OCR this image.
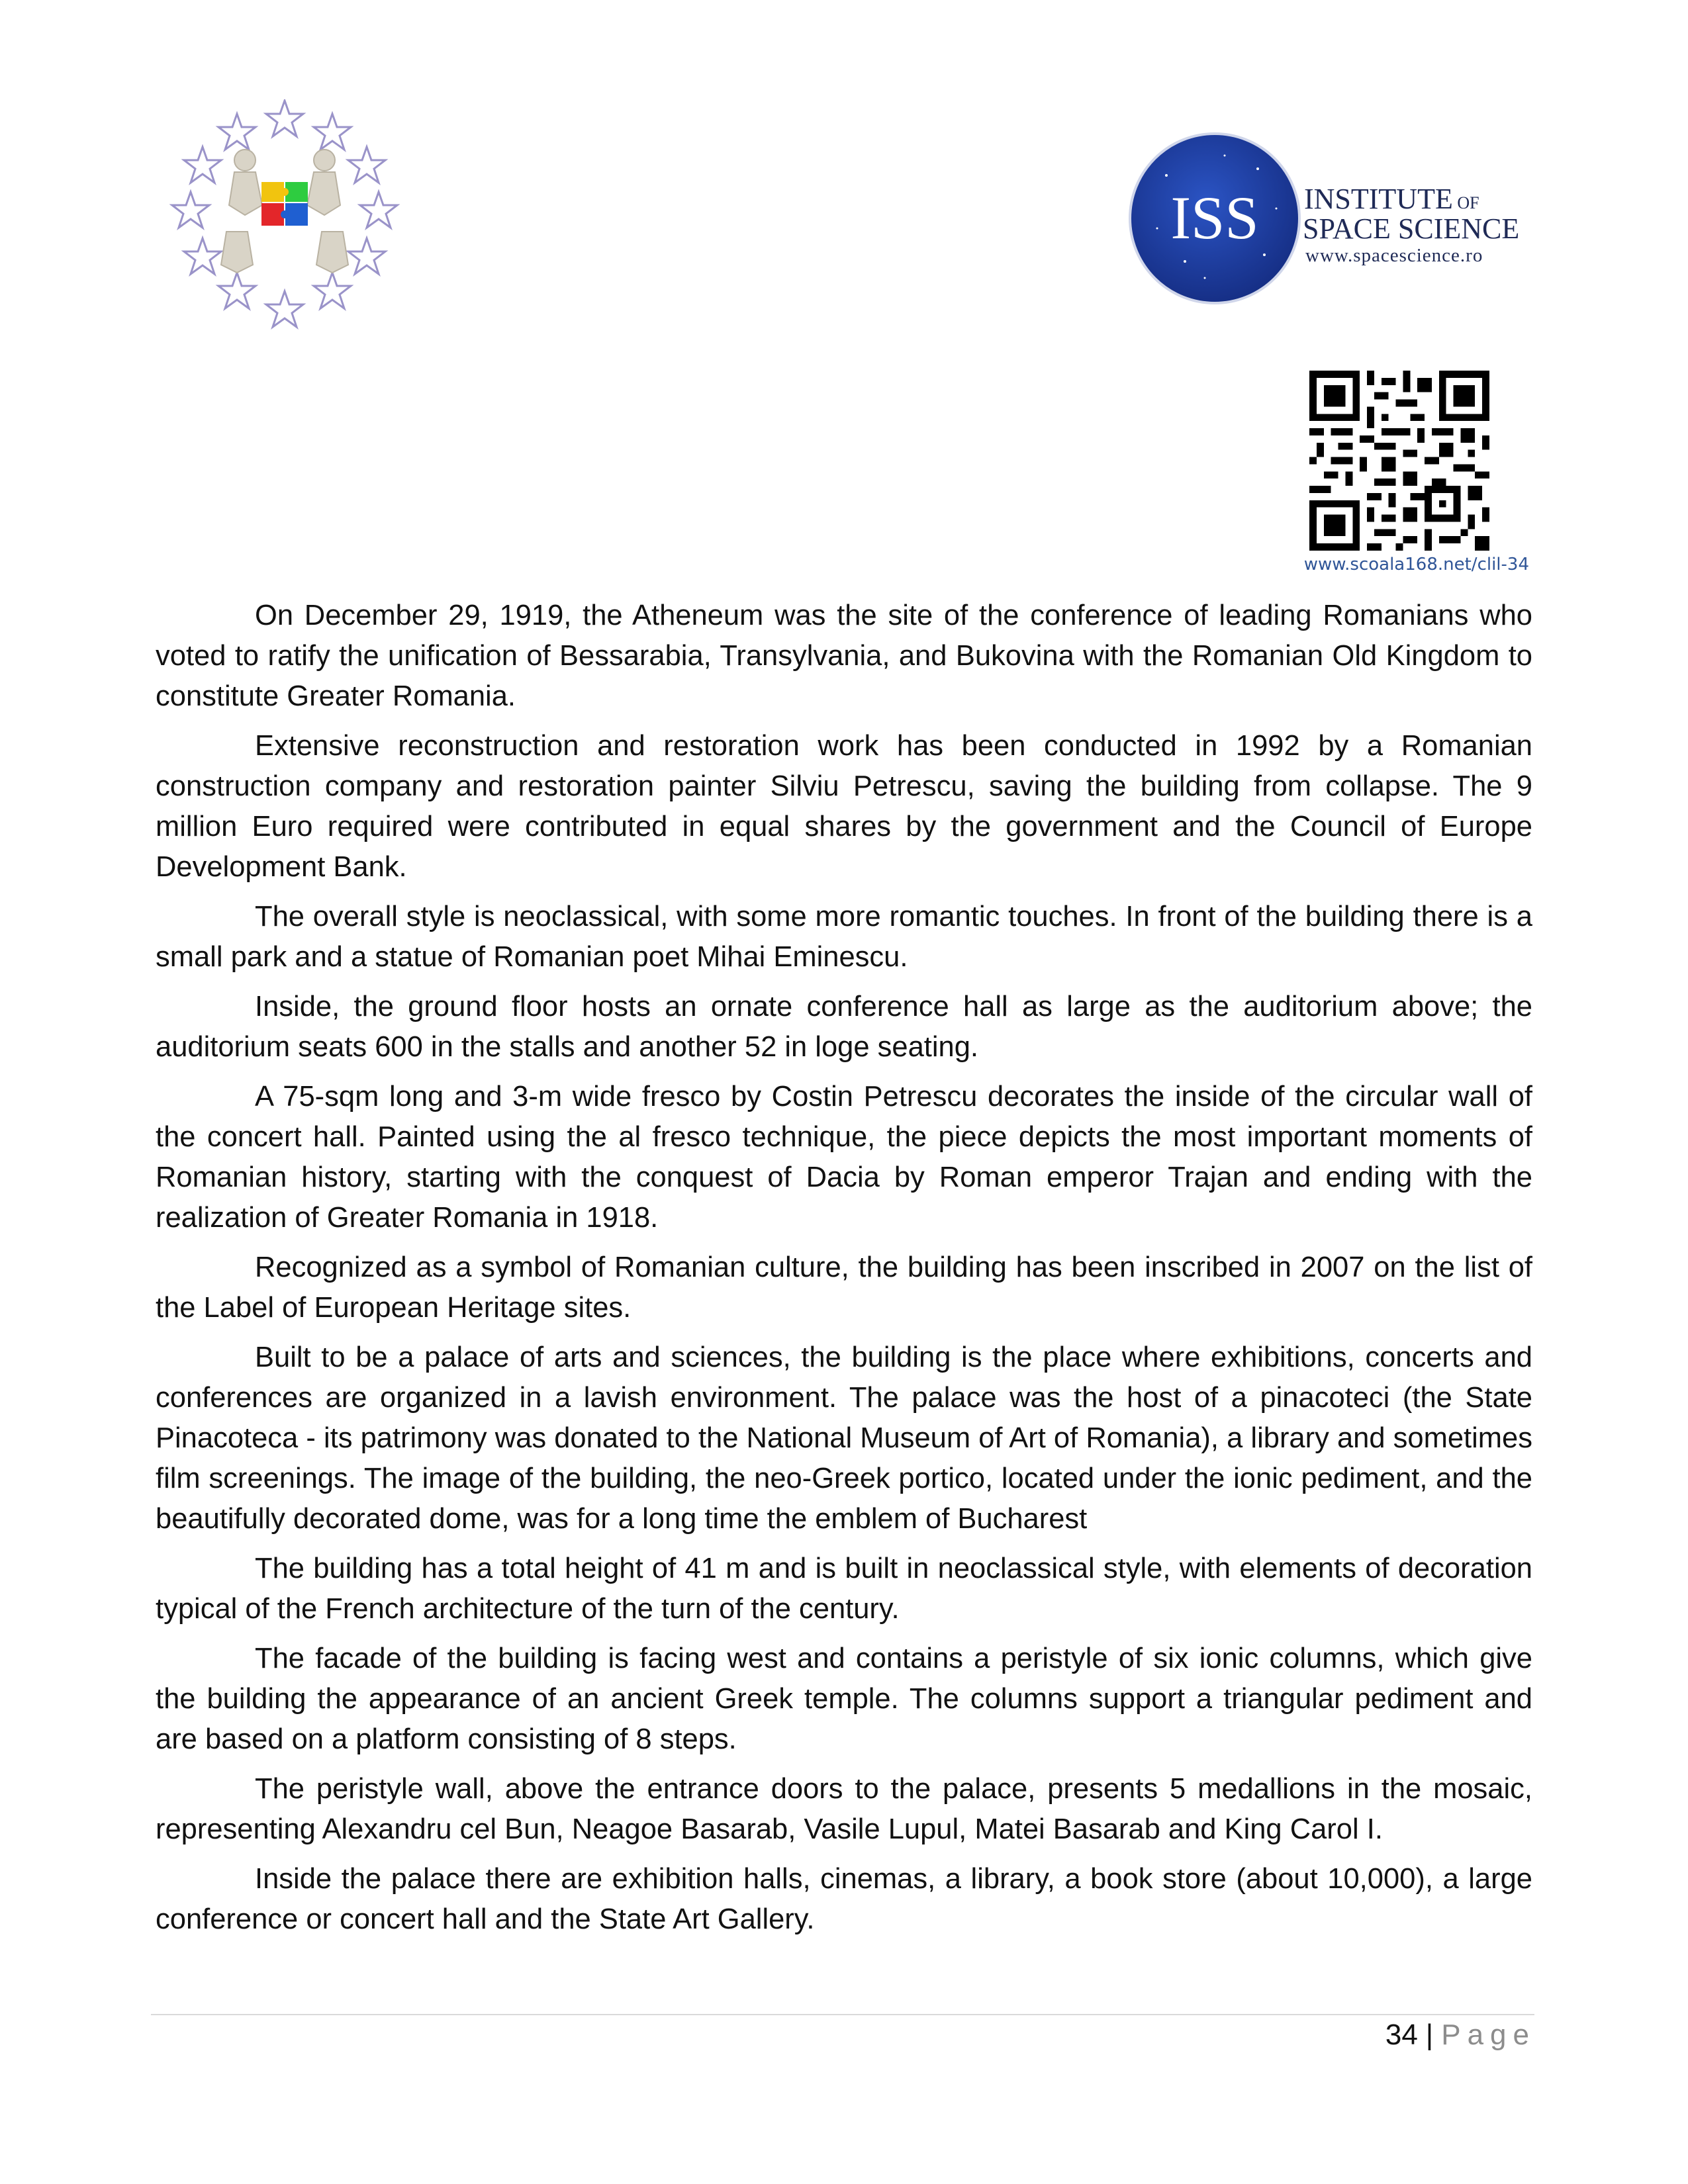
ISS INSTITUTE OF
SPACE SCIENCE
www.spacescience.ro
www.scoala168.net/clil-34

On December 29, 1919, the Atheneum was the site of the conference of leading Romanians who voted to ratify the unification of Bessarabia, Transylvania, and Bukovina with the Romanian Old Kingdom to constitute Greater Romania.

Extensive reconstruction and restoration work has been conducted in 1992 by a Romanian construction company and restoration painter Silviu Petrescu, saving the building from collapse. The 9 million Euro required were contributed in equal shares by the government and the Council of Europe Development Bank.

The overall style is neoclassical, with some more romantic touches. In front of the building there is a small park and a statue of Romanian poet Mihai Eminescu.

Inside, the ground floor hosts an ornate conference hall as large as the auditorium above; the auditorium seats 600 in the stalls and another 52 in loge seating.

A 75-sqm long and 3-m wide fresco by Costin Petrescu decorates the inside of the circular wall of the concert hall. Painted using the al fresco technique, the piece depicts the most important moments of Romanian history, starting with the conquest of Dacia by Roman emperor Trajan and ending with the realization of Greater Romania in 1918.

Recognized as a symbol of Romanian culture, the building has been inscribed in 2007 on the list of the Label of European Heritage sites.

Built to be a palace of arts and sciences, the building is the place where exhibitions, concerts and conferences are organized in a lavish environment. The palace was the host of a pinacoteci (the State Pinacoteca - its patrimony was donated to the National Museum of Art of Romania), a library and sometimes film screenings. The image of the building, the neo-Greek portico, located under the ionic pediment, and the beautifully decorated dome, was for a long time the emblem of Bucharest

The building has a total height of 41 m and is built in neoclassical style, with elements of decoration typical of the French architecture of the turn of the century.

The facade of the building is facing west and contains a peristyle of six ionic columns, which give the building the appearance of an ancient Greek temple. The columns support a triangular pediment and are based on a platform consisting of 8 steps.

The peristyle wall, above the entrance doors to the palace, presents 5 medallions in the mosaic, representing Alexandru cel Bun, Neagoe Basarab, Vasile Lupul, Matei Basarab and King Carol I.

Inside the palace there are exhibition halls, cinemas, a library, a book store (about 10,000), a large conference or concert hall and the State Art Gallery.

34 | Page
